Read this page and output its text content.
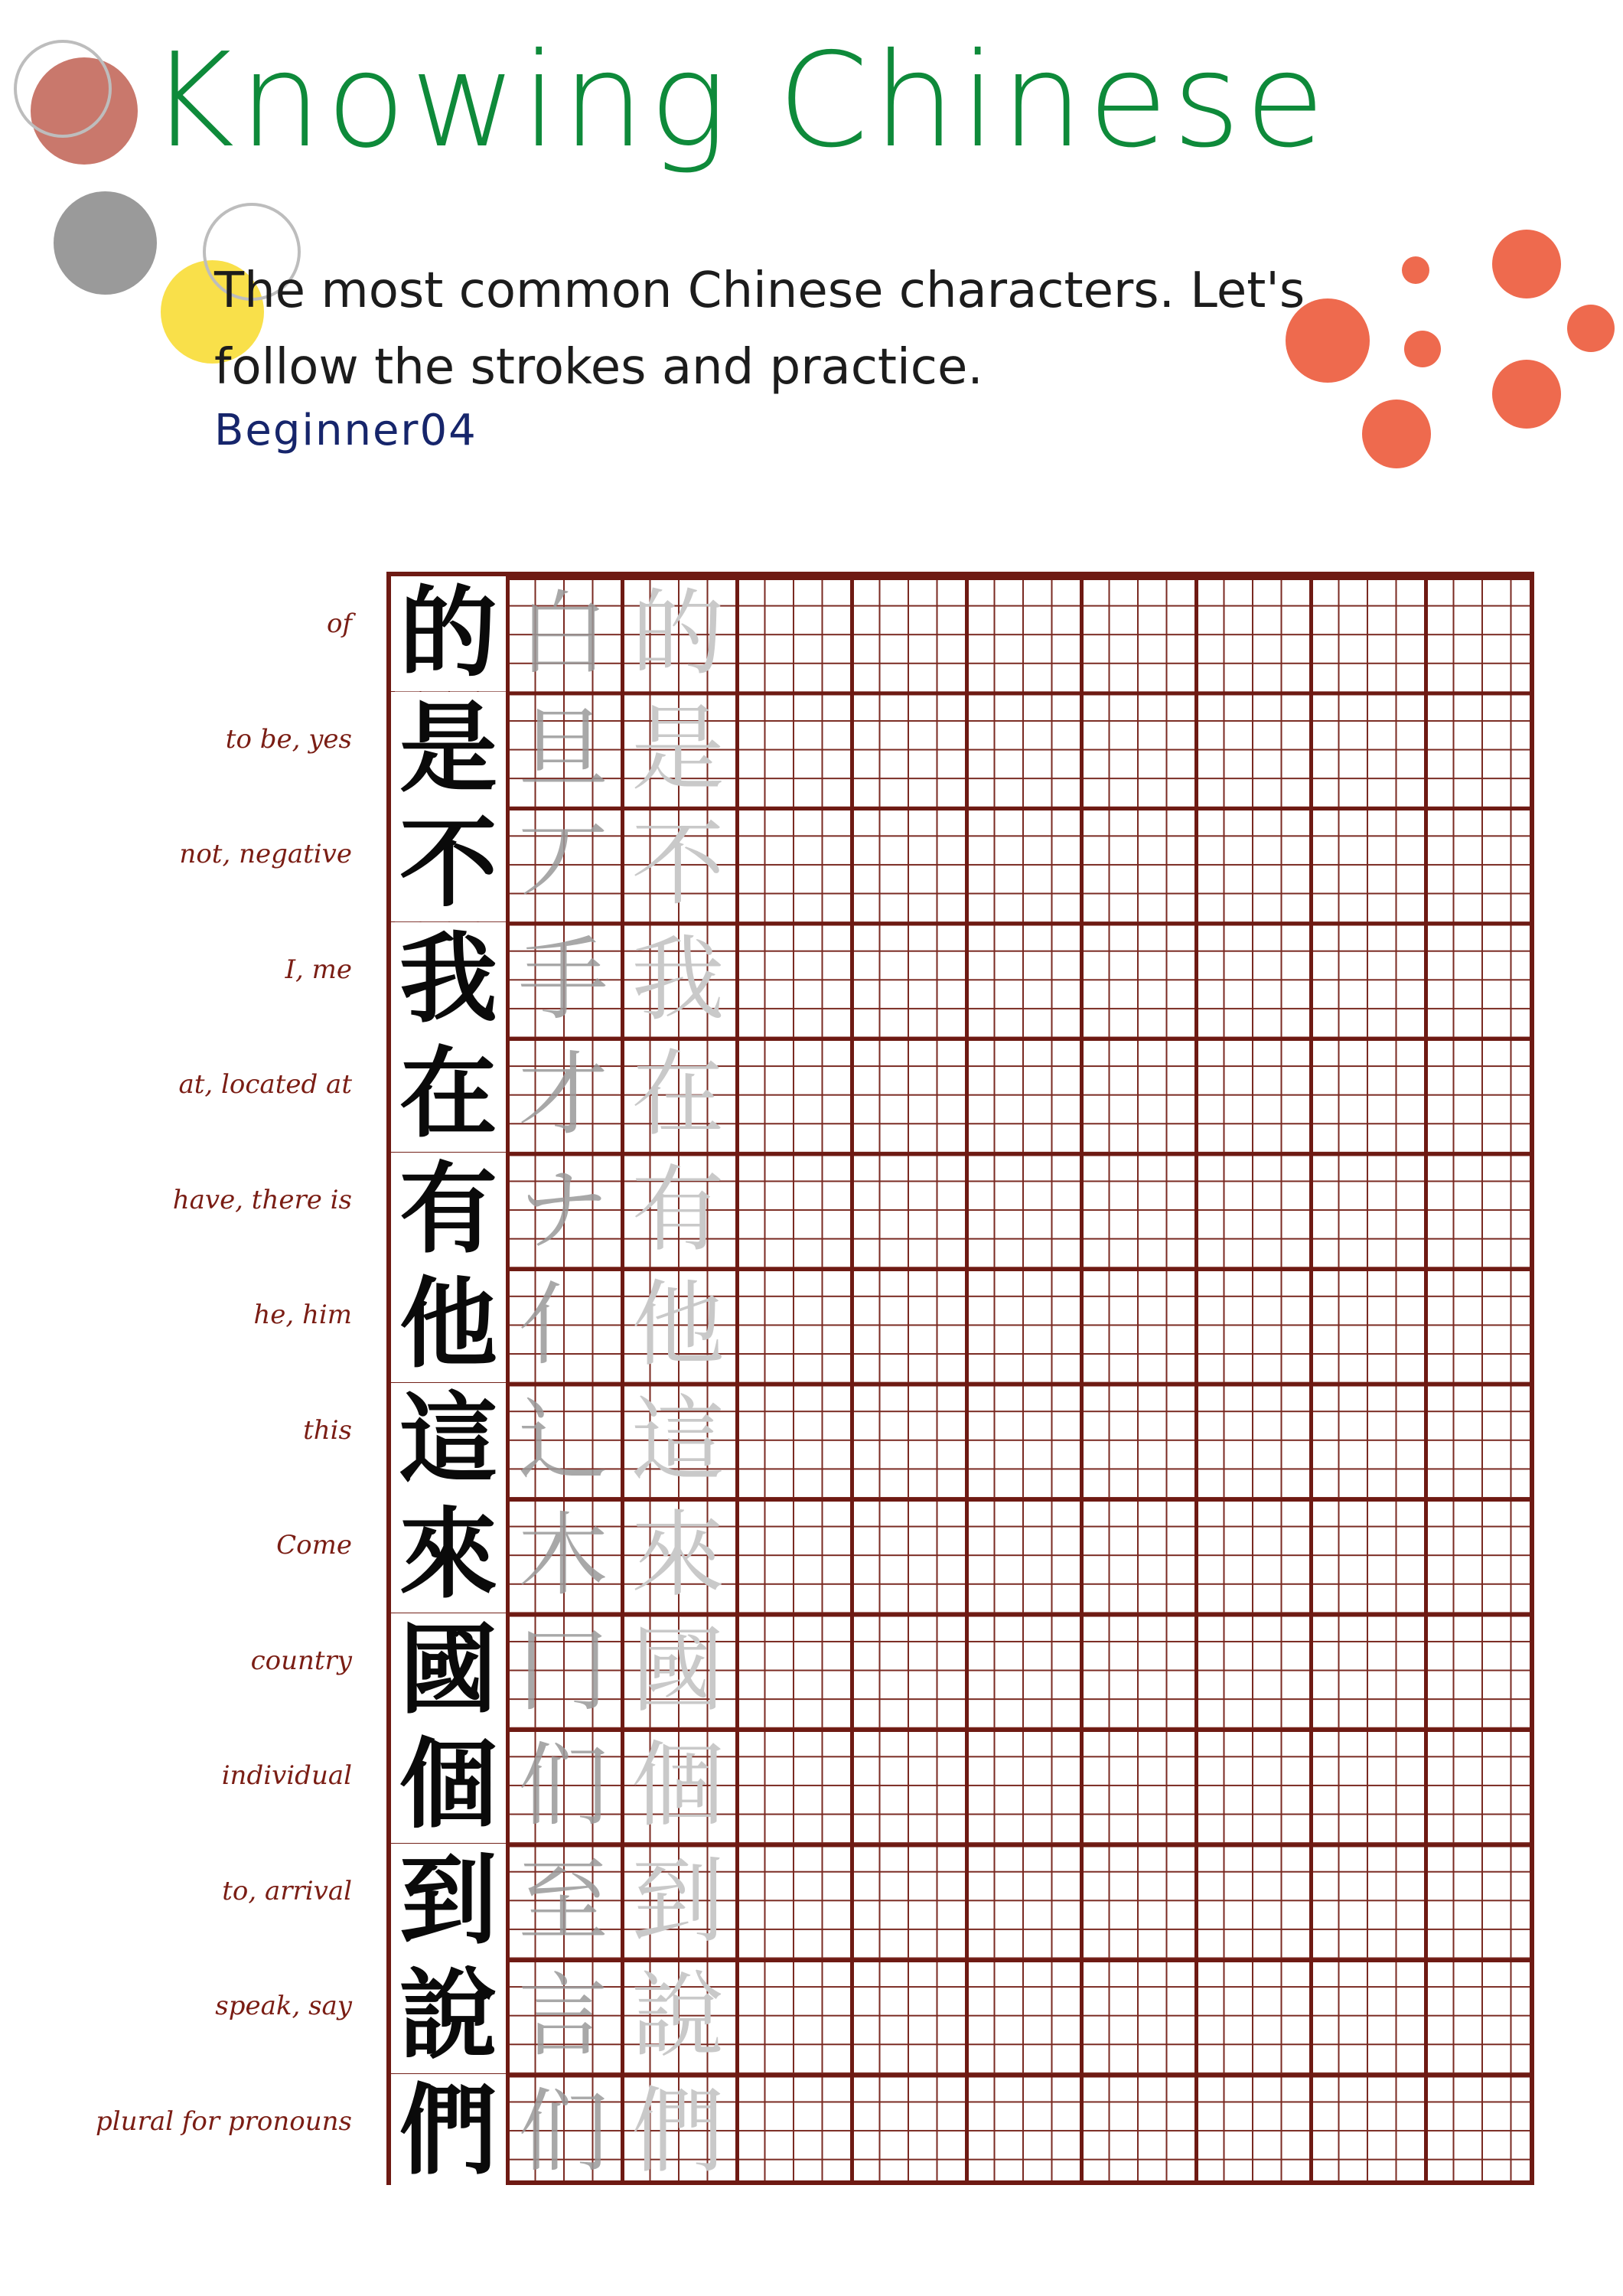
Knowing Chinese
The most common Chinese characters. Let's follow the strokes and practice.
Beginner04
of
to be, yes
not, negative
I, me
at, located at
have, there is
he, him
this
Come
country
individual
to, arrival
speak, say
plural for pronouns
的 白 的
是 旦 是
不 丆 不
我 手 我
在 才 在
有 ナ 有
他 亻 他
這 辶 這
來 木 來
國 冂 國
個 们 個
到 至 到
說 言 說
們 们 們
